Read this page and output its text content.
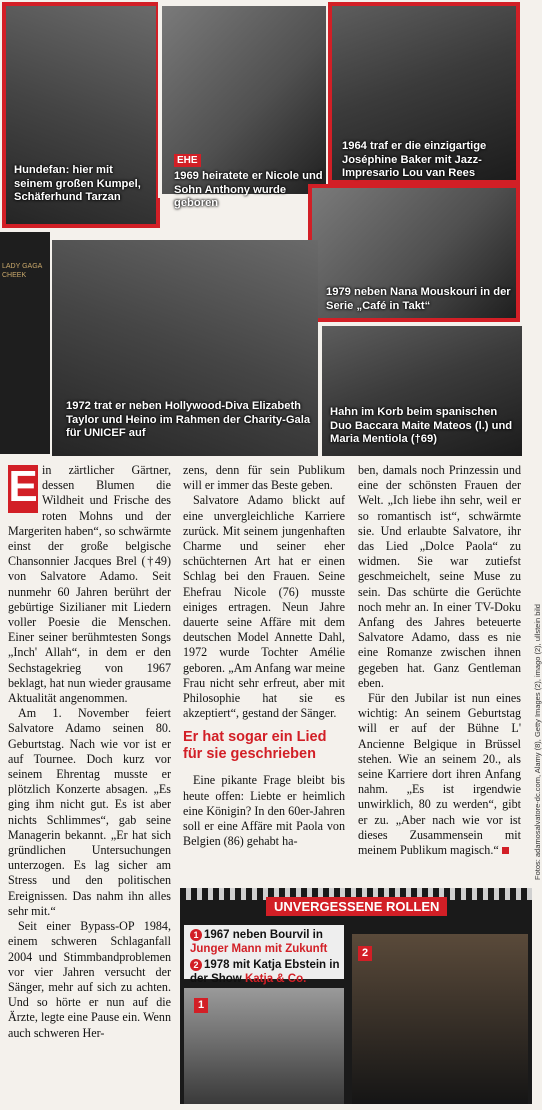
Hundefan: hier mit seinem großen Kumpel, Schäferhund Tarzan
EHE
1969 heiratete er Nicole und Sohn Anthony wurde geboren
1964 traf er die einzigartige Joséphine Baker mit Jazz-Impresario Lou van Rees
1979 neben Nana Mouskouri in der Serie „Café in Takt“
LADY GAGA CHEEK
1972 trat er neben Hollywood-Diva Elizabeth Taylor und Heino im Rahmen der Charity-Gala für UNICEF auf
Hahn im Korb beim spanischen Duo Baccara Maite Mateos (l.) und Maria Mentiola (†69)

E in zärtlicher Gärtner, dessen Blumen die Wildheit und Frische des roten Mohns und der Margeriten haben“, so schwärmte einst der große belgische Chansonnier Jacques Brel (†49) von Salvatore Adamo. Seit nunmehr 60 Jahren berührt der gebürtige Sizilianer mit Liedern voller Poesie die Menschen. Einer seiner berühmtesten Songs „Inch' Allah“, in dem er den Sechstagekrieg von 1967 beklagt, hat nun wieder grausame Aktualität angenommen.

Am 1. November feiert Salvatore Adamo seinen 80. Geburtstag. Nach wie vor ist er auf Tournee. Doch kurz vor seinem Ehrentag musste er plötzlich Konzerte absagen. „Es ging ihm nicht gut. Es ist aber nichts Schlimmes“, gab seine Managerin bekannt. „Er hat sich gründlichen Untersuchungen unterzogen. Es lag sicher am Stress und den politischen Ereignissen. Das nahm ihn alles sehr mit.“

Seit einer Bypass-OP 1984, einem schweren Schlaganfall 2004 und Stimmbandproblemen vor vier Jahren versucht der Sänger, mehr auf sich zu achten. Und so hörte er nun auf die Ärzte, legte eine Pause ein. Wenn auch schweren Her-

zens, denn für sein Publikum will er immer das Beste geben.

Salvatore Adamo blickt auf eine unvergleichliche Karriere zurück. Mit seinem jungenhaften Charme und seiner eher schüchternen Art hat er einen Schlag bei den Frauen. Seine Ehefrau Nicole (76) musste einiges ertragen. Neun Jahre dauerte seine Affäre mit dem deutschen Model Annette Dahl, 1972 wurde Tochter Amélie geboren. „Am Anfang war meine Frau nicht sehr erfreut, aber mit Philosophie hat sie es akzeptiert“, gestand der Sänger.

Er hat sogar ein Lied für sie geschrieben

Eine pikante Frage bleibt bis heute offen: Liebte er heimlich eine Königin? In den 60er-Jahren soll er eine Affäre mit Paola von Belgien (86) gehabt ha-

ben, damals noch Prinzessin und eine der schönsten Frauen der Welt. „Ich liebe ihn sehr, weil er so romantisch ist“, schwärmte sie. Und erlaubte Salvatore, ihr das Lied „Dolce Paola“ zu widmen. Sie war zutiefst geschmeichelt, seine Muse zu sein. Das schürte die Gerüchte noch mehr an. In einer TV-Doku Anfang des Jahres beteuerte Salvatore Adamo, dass es nie eine Romanze zwischen ihnen gegeben hat. Ganz Gentleman eben.

Für den Jubilar ist nun eines wichtig: An seinem Geburtstag will er auf der Bühne L' Ancienne Belgique in Brüssel stehen. Wie an seinem 20., als seine Karriere dort ihren Anfang nahm. „Es ist irgendwie unwirklich, 80 zu werden“, gibt er zu. „Aber nach wie vor ist dieses Zusammensein mit meinem Publikum magisch.“	Fotos: adamosalvatore-dc.com, Alamy (8), Getty Images (2), imago (2), ullstein bild
UNVERGESSENE ROLLEN
1 1967 neben Bourvil in
Junger Mann mit Zukunft
2 1978 mit Katja Ebstein in der Show Katja & Co.
1
2
